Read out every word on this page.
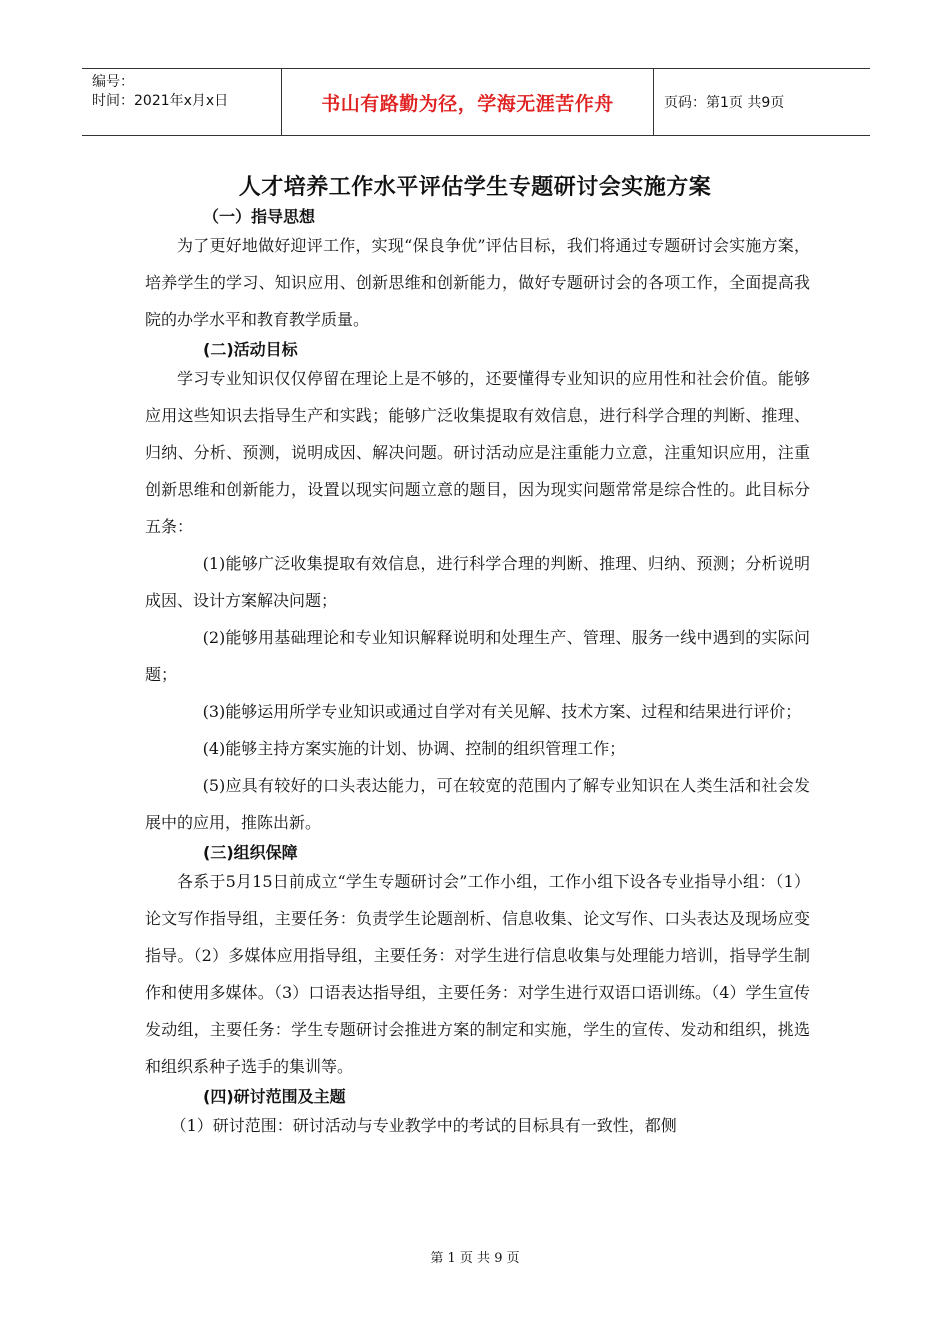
编号：
时间：2021年x月x日	书山有路勤为径，学海无涯苦作舟	页码：第1页 共9页
人才培养工作水平评估学生专题研讨会实施方案
（一）指导思想

为了更好地做好迎评工作，实现“保良争优”评估目标，我们将通过专题研讨会实施方案，培养学生的学习、知识应用、创新思维和创新能力，做好专题研讨会的各项工作，全面提高我院的办学水平和教育教学质量。

(二)活动目标

学习专业知识仅仅停留在理论上是不够的，还要懂得专业知识的应用性和社会价值。能够应用这些知识去指导生产和实践；能够广泛收集提取有效信息，进行科学合理的判断、推理、归纳、分析、预测，说明成因、解决问题。研讨活动应是注重能力立意，注重知识应用，注重创新思维和创新能力，设置以现实问题立意的题目，因为现实问题常常是综合性的。此目标分五条：

(1)能够广泛收集提取有效信息，进行科学合理的判断、推理、归纳、预测；分析说明成因、设计方案解决问题；

(2)能够用基础理论和专业知识解释说明和处理生产、管理、服务一线中遇到的实际问题；

(3)能够运用所学专业知识或通过自学对有关见解、技术方案、过程和结果进行评价；

(4)能够主持方案实施的计划、协调、控制的组织管理工作；

(5)应具有较好的口头表达能力，可在较宽的范围内了解专业知识在人类生活和社会发展中的应用，推陈出新。

(三)组织保障

各系于5月15日前成立“学生专题研讨会”工作小组，工作小组下设各专业指导小组：（1）论文写作指导组，主要任务：负责学生论题剖析、信息收集、论文写作、口头表达及现场应变指导。（2）多媒体应用指导组，主要任务：对学生进行信息收集与处理能力培训，指导学生制作和使用多媒体。（3）口语表达指导组，主要任务：对学生进行双语口语训练。（4）学生宣传发动组，主要任务：学生专题研讨会推进方案的制定和实施，学生的宣传、发动和组织，挑选和组织系种子选手的集训等。

(四)研讨范围及主题

（1）研讨范围：研讨活动与专业教学中的考试的目标具有一致性，都侧

第 1 页 共 9 页
